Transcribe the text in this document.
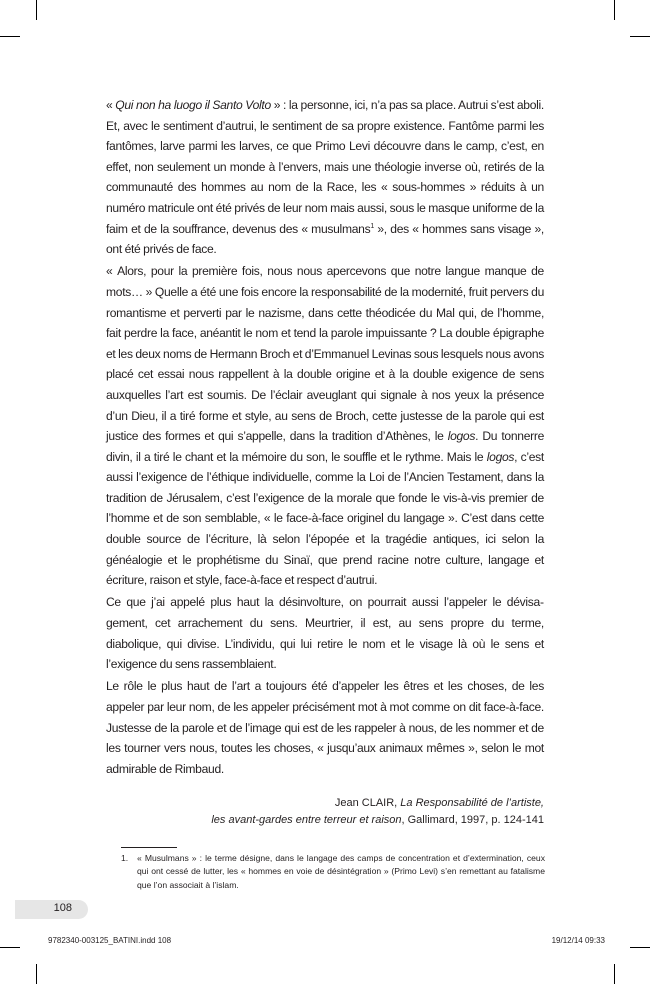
« Qui non ha luogo il Santo Volto » : la personne, ici, n’a pas sa place. Autrui s’est aboli. Et, avec le sentiment d’autrui, le sentiment de sa propre existence. Fantôme parmi les fantômes, larve parmi les larves, ce que Primo Levi découvre dans le camp, c’est, en effet, non seulement un monde à l’envers, mais une théologie inverse où, retirés de la communauté des hommes au nom de la Race, les « sous-hommes » réduits à un numéro matricule ont été privés de leur nom mais aussi, sous le masque uniforme de la faim et de la souffrance, devenus des « musulmans$^1$ », des « hommes sans visage », ont été privés de face.

« Alors, pour la première fois, nous nous apercevons que notre langue manque de mots… » Quelle a été une fois encore la responsabilité de la modernité, fruit pervers du romantisme et perverti par le nazisme, dans cette théodicée du Mal qui, de l’homme, fait perdre la face, anéantit le nom et tend la parole impuissante ? La double épigraphe et les deux noms de Hermann Broch et d’Emmanuel Levinas sous lesquels nous avons placé cet essai nous rappellent à la double origine et à la double exigence de sens auxquelles l’art est soumis. De l’éclair aveuglant qui signale à nos yeux la présence d’un Dieu, il a tiré forme et style, au sens de Broch, cette justesse de la parole qui est justice des formes et qui s’appelle, dans la tradition d’Athènes, le logos. Du tonnerre divin, il a tiré le chant et la mémoire du son, le souffle et le rythme. Mais le logos, c’est aussi l’exigence de l’éthique individuelle, comme la Loi de l’Ancien Testament, dans la tradition de Jérusalem, c’est l’exigence de la morale que fonde le vis-à-vis premier de l’homme et de son semblable, « le face-à-face originel du langage ». C’est dans cette double source de l’écriture, là selon l’épopée et la tragédie antiques, ici selon la généalogie et le prophétisme du Sinaï, que prend racine notre culture, langage et écriture, raison et style, face-à-face et respect d’autrui.

Ce que j’ai appelé plus haut la désinvolture, on pourrait aussi l’appeler le dévisagement, cet arrachement du sens. Meurtrier, il est, au sens propre du terme, diabolique, qui divise. L’individu, qui lui retire le nom et le visage là où le sens et l’exigence du sens rassemblaient.

Le rôle le plus haut de l’art a toujours été d’appeler les êtres et les choses, de les appeler par leur nom, de les appeler précisément mot à mot comme on dit face-à-face. Justesse de la parole et de l’image qui est de les rappeler à nous, de les nommer et de les tourner vers nous, toutes les choses, « jusqu’aux animaux mêmes », selon le mot admirable de Rimbaud.

Jean CLAIR, La Responsabilité de l’artiste,
les avant-gardes entre terreur et raison, Gallimard, 1997, p. 124-141
1. « Musulmans » : le terme désigne, dans le langage des camps de concentration et d’extermination, ceux qui ont cessé de lutter, les « hommes en voie de désintégration » (Primo Levi) s’en remettant au fatalisme que l’on associait à l’islam.
108
9782340-003125_BATINI.indd 108	19/12/14 09:33
